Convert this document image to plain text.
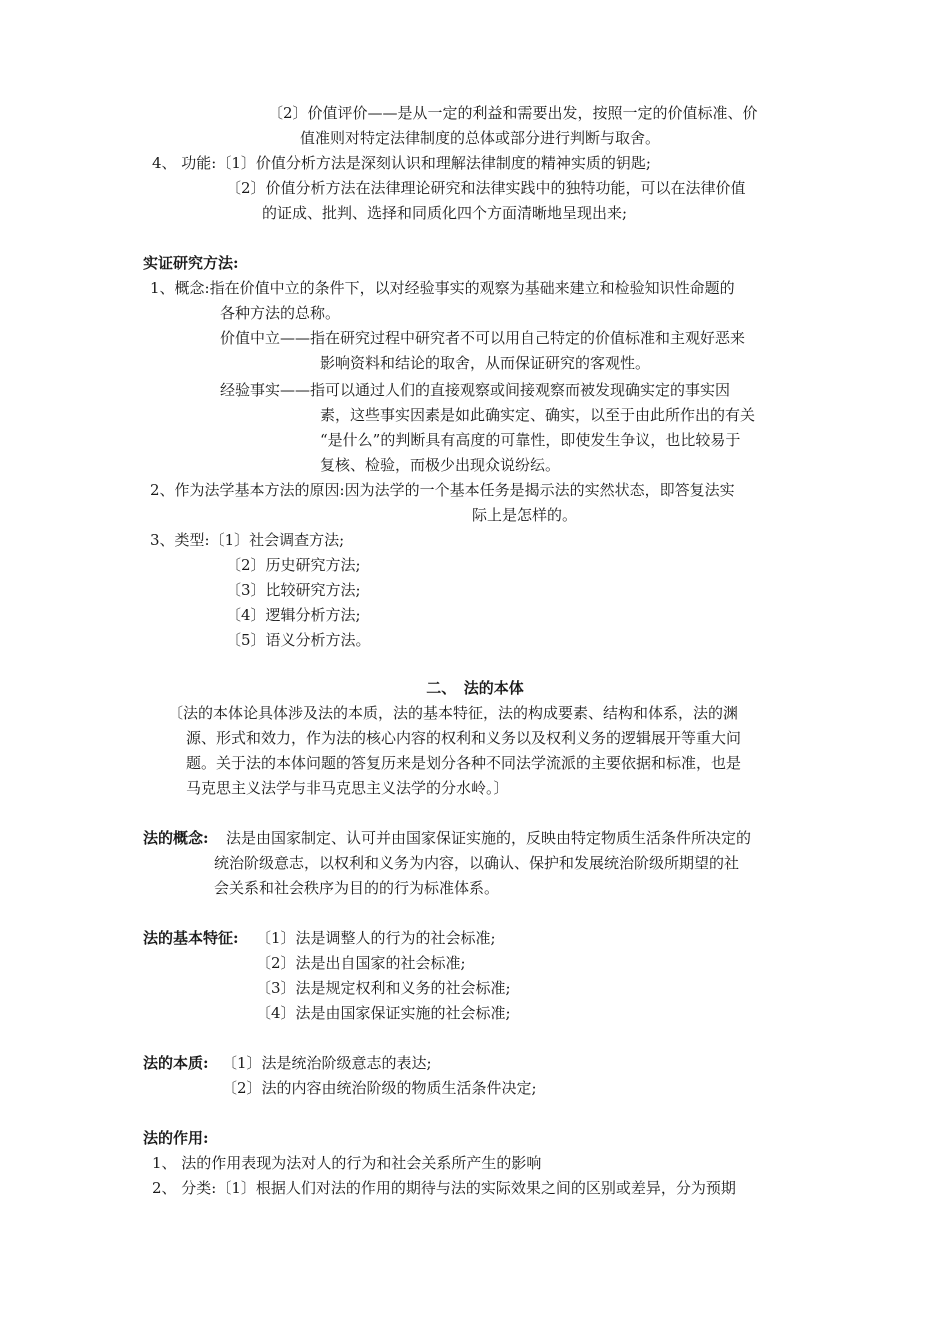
〔2〕价值评价——是从一定的利益和需要出发，按照一定的价值标准、价
值准则对特定法律制度的总体或部分进行判断与取舍。
4、 功能:〔1〕价值分析方法是深刻认识和理解法律制度的精神实质的钥匙;
〔2〕价值分析方法在法律理论研究和法律实践中的独特功能，可以在法律价值
的证成、批判、选择和同质化四个方面清晰地呈现出来;
实证研究方法:
1、概念:指在价值中立的条件下，以对经验事实的观察为基础来建立和检验知识性命题的
各种方法的总称。
价值中立——指在研究过程中研究者不可以用自己特定的价值标准和主观好恶来
影响资料和结论的取舍，从而保证研究的客观性。
经验事实——指可以通过人们的直接观察或间接观察而被发现确实定的事实因
素，这些事实因素是如此确实定、确实，以至于由此所作出的有关
“是什么”的判断具有高度的可靠性，即使发生争议，也比较易于
复核、检验，而极少出现众说纷纭。
2、作为法学基本方法的原因:因为法学的一个基本任务是揭示法的实然状态，即答复法实
际上是怎样的。
3、类型:〔1〕社会调查方法;
〔2〕历史研究方法;
〔3〕比较研究方法;
〔4〕逻辑分析方法;
〔5〕语义分析方法。
二、　法的本体
〔法的本体论具体涉及法的本质，法的基本特征，法的构成要素、结构和体系，法的渊
源、形式和效力，作为法的核心内容的权利和义务以及权利义务的逻辑展开等重大问
题。关于法的本体问题的答复历来是划分各种不同法学流派的主要依据和标准，也是
马克思主义法学与非马克思主义法学的分水岭。〕
法的概念: 法是由国家制定、认可并由国家保证实施的，反映由特定物质生活条件所决定的
统治阶级意志，以权利和义务为内容，以确认、保护和发展统治阶级所期望的社
会关系和社会秩序为目的的行为标准体系。
法的基本特征: 〔1〕法是调整人的行为的社会标准;
〔2〕法是出自国家的社会标准;
〔3〕法是规定权利和义务的社会标准;
〔4〕法是由国家保证实施的社会标准;
法的本质: 〔1〕法是统治阶级意志的表达;
〔2〕法的内容由统治阶级的物质生活条件决定;
法的作用:
1、 法的作用表现为法对人的行为和社会关系所产生的影响
2、 分类:〔1〕根据人们对法的作用的期待与法的实际效果之间的区别或差异，分为预期
